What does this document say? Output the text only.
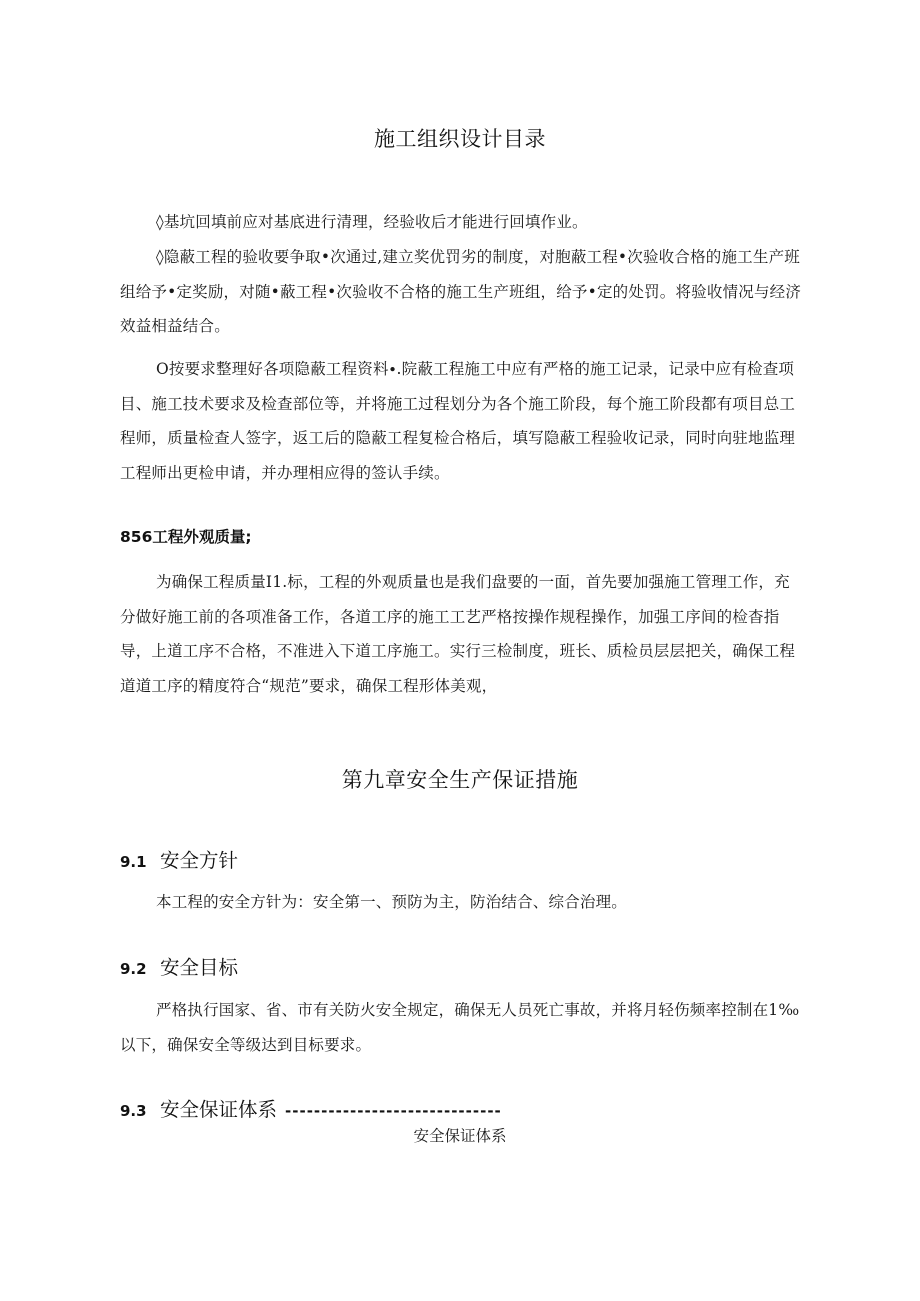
施工组织设计目录

◊基坑回填前应对基底进行清理，经验收后才能进行回填作业。

◊隐蔽工程的验收要争取•次通过,建立奖优罚劣的制度，对胞蔽工程•次验收合格的施工生产班组给予•定奖励，对随•蔽工程•次验收不合格的施工生产班组，给予•定的处罚。将验收情况与经济效益相益结合。

O按要求整理好各项隐蔽工程资料∙.院蔽工程施工中应有严格的施工记录，记录中应有检查项目、施工技术要求及检查部位等，并将施工过程划分为各个施工阶段，每个施工阶段都有项目总工程师，质量检查人签字，返工后的隐蔽工程复检合格后，填写隐蔽工程验收记录，同时向驻地监理工程师出更检申请，并办理相应得的签认手续。

856工程外观质量;

为确保工程质量I1.标，工程的外观质量也是我们盘要的一面，首先要加强施工管理工作，充分做好施工前的各项准备工作，各道工序的施工工艺严格按操作规程操作，加强工序间的检杳指导，上道工序不合格，不准进入下道工序施工。实行三检制度，班长、质检员层层把关，确保工程道道工序的精度符合“规范”要求，确保工程形体美观，

第九章安全生产保证措施
9.1 安全方针

本工程的安全方针为：安全第一、预防为主，防治结合、综合治理。

9.2 安全目标

严格执行国家、省、市有关防火安全规定，确保无人员死亡事故，并将月轻伤频率控制在1‰以下，确保安全等级达到目标要求。

9.3 安全保证体系 ------------------------------
安全保证体系
